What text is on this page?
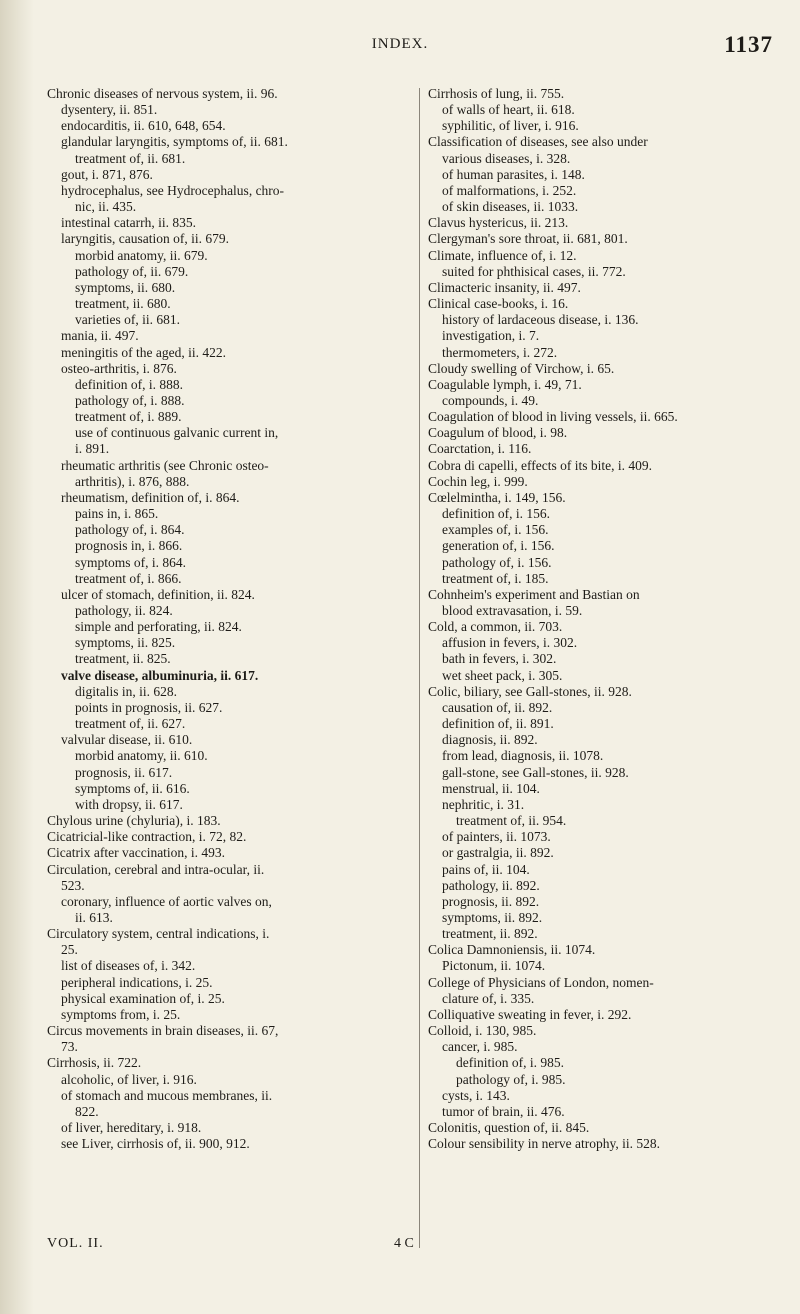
INDEX.	1137
Chronic diseases of nervous system, ii. 96.
dysentery, ii. 851.
endocarditis, ii. 610, 648, 654.
glandular laryngitis, symptoms of, ii. 681.
treatment of, ii. 681.
gout, i. 871, 876.
hydrocephalus, see Hydrocephalus, chro-
nic, ii. 435.
intestinal catarrh, ii. 835.
laryngitis, causation of, ii. 679.
morbid anatomy, ii. 679.
pathology of, ii. 679.
symptoms, ii. 680.
treatment, ii. 680.
varieties of, ii. 681.
mania, ii. 497.
meningitis of the aged, ii. 422.
osteo-arthritis, i. 876.
definition of, i. 888.
pathology of, i. 888.
treatment of, i. 889.
use of continuous galvanic current in,
i. 891.
rheumatic arthritis (see Chronic osteo-
arthritis), i. 876, 888.
rheumatism, definition of, i. 864.
pains in, i. 865.
pathology of, i. 864.
prognosis in, i. 866.
symptoms of, i. 864.
treatment of, i. 866.
ulcer of stomach, definition, ii. 824.
pathology, ii. 824.
simple and perforating, ii. 824.
symptoms, ii. 825.
treatment, ii. 825.
valve disease, albuminuria, ii. 617.
digitalis in, ii. 628.
points in prognosis, ii. 627.
treatment of, ii. 627.
valvular disease, ii. 610.
morbid anatomy, ii. 610.
prognosis, ii. 617.
symptoms of, ii. 616.
with dropsy, ii. 617.
Chylous urine (chyluria), i. 183.
Cicatricial-like contraction, i. 72, 82.
Cicatrix after vaccination, i. 493.
Circulation, cerebral and intra-ocular, ii.
523.
coronary, influence of aortic valves on,
ii. 613.
Circulatory system, central indications, i.
25.
list of diseases of, i. 342.
peripheral indications, i. 25.
physical examination of, i. 25.
symptoms from, i. 25.
Circus movements in brain diseases, ii. 67,
73.
Cirrhosis, ii. 722.
alcoholic, of liver, i. 916.
of stomach and mucous membranes, ii.
822.
of liver, hereditary, i. 918.
see Liver, cirrhosis of, ii. 900, 912.
Cirrhosis of lung, ii. 755.
of walls of heart, ii. 618.
syphilitic, of liver, i. 916.
Classification of diseases, see also under
various diseases, i. 328.
of human parasites, i. 148.
of malformations, i. 252.
of skin diseases, ii. 1033.
Clavus hystericus, ii. 213.
Clergyman's sore throat, ii. 681, 801.
Climate, influence of, i. 12.
suited for phthisical cases, ii. 772.
Climacteric insanity, ii. 497.
Clinical case-books, i. 16.
history of lardaceous disease, i. 136.
investigation, i. 7.
thermometers, i. 272.
Cloudy swelling of Virchow, i. 65.
Coagulable lymph, i. 49, 71.
compounds, i. 49.
Coagulation of blood in living vessels, ii. 665.
Coagulum of blood, i. 98.
Coarctation, i. 116.
Cobra di capelli, effects of its bite, i. 409.
Cochin leg, i. 999.
Cœlelmintha, i. 149, 156.
definition of, i. 156.
examples of, i. 156.
generation of, i. 156.
pathology of, i. 156.
treatment of, i. 185.
Cohnheim's experiment and Bastian on
blood extravasation, i. 59.
Cold, a common, ii. 703.
affusion in fevers, i. 302.
bath in fevers, i. 302.
wet sheet pack, i. 305.
Colic, biliary, see Gall-stones, ii. 928.
causation of, ii. 892.
definition of, ii. 891.
diagnosis, ii. 892.
from lead, diagnosis, ii. 1078.
gall-stone, see Gall-stones, ii. 928.
menstrual, ii. 104.
nephritic, i. 31.
treatment of, ii. 954.
of painters, ii. 1073.
or gastralgia, ii. 892.
pains of, ii. 104.
pathology, ii. 892.
prognosis, ii. 892.
symptoms, ii. 892.
treatment, ii. 892.
Colica Damnoniensis, ii. 1074.
Pictonum, ii. 1074.
College of Physicians of London, nomen-
clature of, i. 335.
Colliquative sweating in fever, i. 292.
Colloid, i. 130, 985.
cancer, i. 985.
definition of, i. 985.
pathology of, i. 985.
cysts, i. 143.
tumor of brain, ii. 476.
Colonitis, question of, ii. 845.
Colour sensibility in nerve atrophy, ii. 528.
VOL. II.	4 C
